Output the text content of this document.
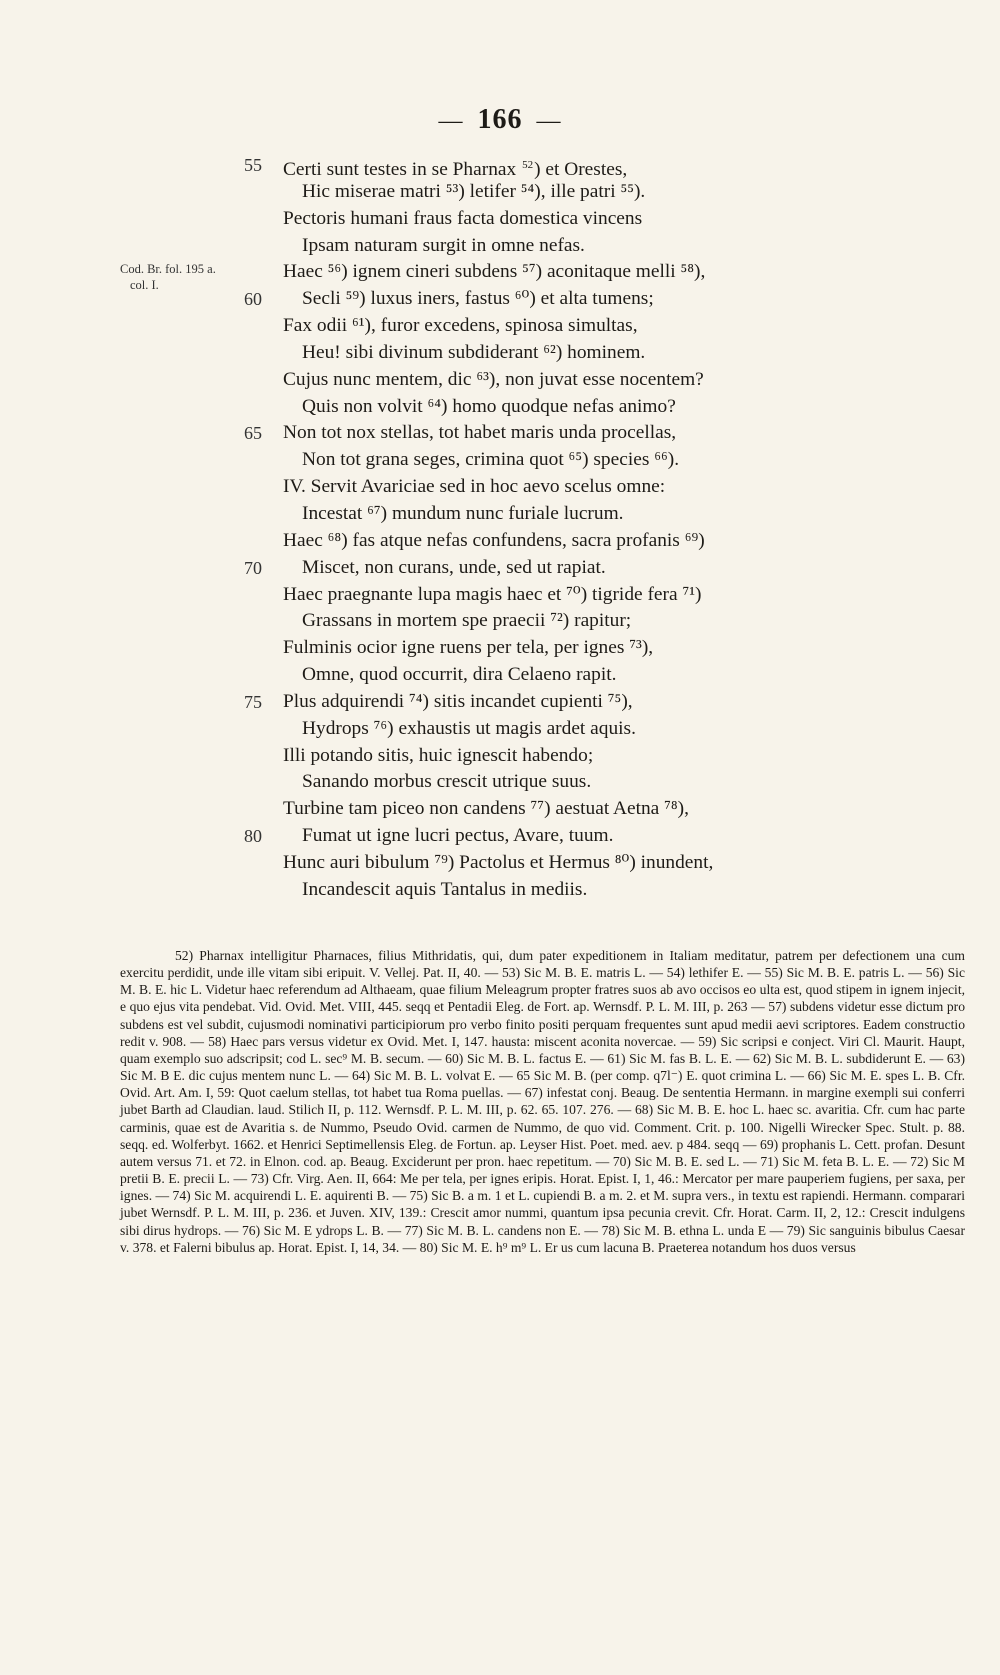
— 166 —
Cod. Br. fol. 195 a.
col. I.
55 Certi sunt testes in se Pharnax $^{52}$) et Orestes,
Hic miserae matri ⁵³) letifer ⁵⁴), ille patri ⁵⁵).
Pectoris humani fraus facta domestica vincens
Ipsam naturam surgit in omne nefas.
Haec ⁵⁶) ignem cineri subdens ⁵⁷) aconitaque melli ⁵⁸),
60 Secli ⁵⁹) luxus iners, fastus ⁶⁰) et alta tumens;
Fax odii ⁶¹), furor excedens, spinosa simultas,
Heu! sibi divinum subdiderant ⁶²) hominem.
Cujus nunc mentem, dic ⁶³), non juvat esse nocentem?
Quis non volvit ⁶⁴) homo quodque nefas animo?
65 Non tot nox stellas, tot habet maris unda procellas,
Non tot grana seges, crimina quot ⁶⁵) species ⁶⁶).
IV. Servit Avariciae sed in hoc aevo scelus omne:
Incestat ⁶⁷) mundum nunc furiale lucrum.
Haec ⁶⁸) fas atque nefas confundens, sacra profanis ⁶⁹)
70 Miscet, non curans, unde, sed ut rapiat.
Haec praegnante lupa magis haec et ⁷⁰) tigride fera ⁷¹)
Grassans in mortem spe praecii ⁷²) rapitur;
Fulminis ocior igne ruens per tela, per ignes ⁷³),
Omne, quod occurrit, dira Celaeno rapit.
75 Plus adquirendi ⁷⁴) sitis incandet cupienti ⁷⁵),
Hydrops ⁷⁶) exhaustis ut magis ardet aquis.
Illi potando sitis, huic ignescit habendo;
Sanando morbus crescit utrique suus.
Turbine tam piceo non candens ⁷⁷) aestuat Aetna ⁷⁸),
80 Fumat ut igne lucri pectus, Avare, tuum.
Hunc auri bibulum ⁷⁹) Pactolus et Hermus ⁸⁰) inundent,
Incandescit aquis Tantalus in mediis.

52) Pharnax intelligitur Pharnaces, filius Mithridatis, qui, dum pater expeditionem in Italiam meditatur, patrem per defectionem una cum exercitu perdidit, unde ille vitam sibi eripuit. V. Vellej. Pat. II, 40. — 53) Sic M. B. E. matris L. — 54) lethifer E. — 55) Sic M. B. E. patris L. — 56) Sic M. B. E. hic L. Videtur haec referendum ad Althaeam, quae filium Meleagrum propter fratres suos ab avo occisos eo ulta est, quod stipem in ignem injecit, e quo ejus vita pendebat. Vid. Ovid. Met. VIII, 445. seqq et Pentadii Eleg. de Fort. ap. Wernsdf. P. L. M. III, p. 263 — 57) subdens videtur esse dictum pro subdens est vel subdit, cujusmodi nominativi participiorum pro verbo finito positi perquam frequentes sunt apud medii aevi scriptores. Eadem constructio redit v. 908. — 58) Haec pars versus videtur ex Ovid. Met. I, 147. hausta: miscent aconita novercae. — 59) Sic scripsi e conject. Viri Cl. Maurit. Haupt, quam exemplo suo adscripsit; cod L. sec⁹ M. B. secum. — 60) Sic M. B. L. factus E. — 61) Sic M. fas B. L. E. — 62) Sic M. B. L. subdiderunt E. — 63) Sic M. B E. dic cujus mentem nunc L. — 64) Sic M. B. L. volvat E. — 65 Sic M. B. (per comp. q7l⁻) E. quot crimina L. — 66) Sic M. E. spes L. B. Cfr. Ovid. Art. Am. I, 59: Quot caelum stellas, tot habet tua Roma puellas. — 67) infestat conj. Beaug. De sententia Hermann. in margine exempli sui conferri jubet Barth ad Claudian. laud. Stilich II, p. 112. Wernsdf. P. L. M. III, p. 62. 65. 107. 276. — 68) Sic M. B. E. hoc L. haec sc. avaritia. Cfr. cum hac parte carminis, quae est de Avaritia s. de Nummo, Pseudo Ovid. carmen de Nummo, de quo vid. Comment. Crit. p. 100. Nigelli Wirecker Spec. Stult. p. 88. seqq. ed. Wolferbyt. 1662. et Henrici Septimellensis Eleg. de Fortun. ap. Leyser Hist. Poet. med. aev. p 484. seqq — 69) prophanis L. Cett. profan. Desunt autem versus 71. et 72. in Elnon. cod. ap. Beaug. Exciderunt per pron. haec repetitum. — 70) Sic M. B. E. sed L. — 71) Sic M. feta B. L. E. — 72) Sic M pretii B. E. precii L. — 73) Cfr. Virg. Aen. II, 664: Me per tela, per ignes eripis. Horat. Epist. I, 1, 46.: Mercator per mare pauperiem fugiens, per saxa, per ignes. — 74) Sic M. acquirendi L. E. aquirenti B. — 75) Sic B. a m. 1 et L. cupiendi B. a m. 2. et M. supra vers., in textu est rapiendi. Hermann. comparari jubet Wernsdf. P. L. M. III, p. 236. et Juven. XIV, 139.: Crescit amor nummi, quantum ipsa pecunia crevit. Cfr. Horat. Carm. II, 2, 12.: Crescit indulgens sibi dirus hydrops. — 76) Sic M. E ydrops L. B. — 77) Sic M. B. L. candens non E. — 78) Sic M. B. ethna L. unda E — 79) Sic sanguinis bibulus Caesar v. 378. et Falerni bibulus ap. Horat. Epist. I, 14, 34. — 80) Sic M. E. h⁹ m⁹ L. Er us cum lacuna B. Praeterea notandum hos duos versus
